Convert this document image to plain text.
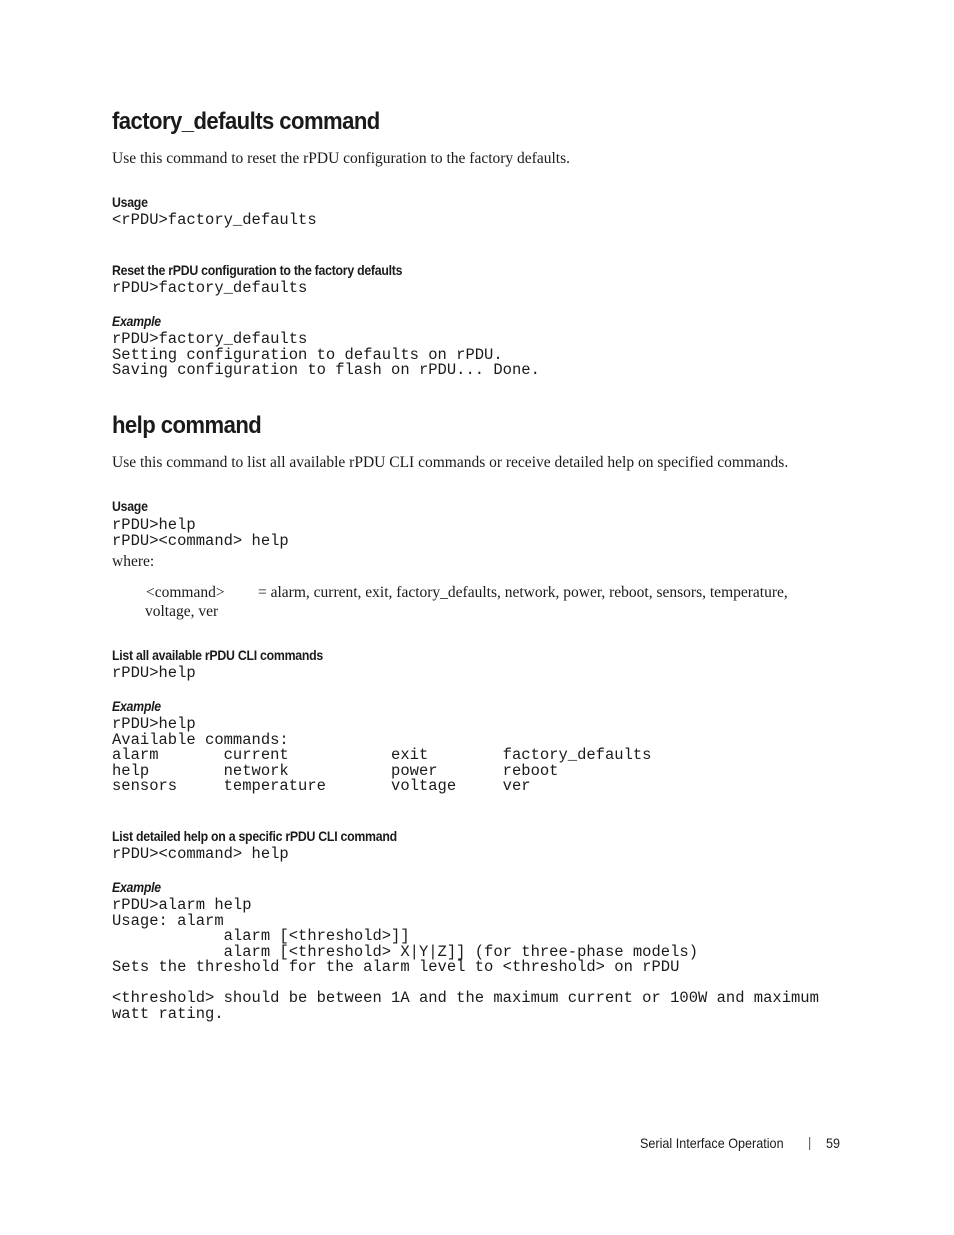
factory_defaults command
Use this command to reset the rPDU configuration to the factory defaults.
Usage
<rPDU>factory_defaults
Reset the rPDU configuration to the factory defaults
rPDU>factory_defaults
Example
rPDU>factory_defaults
Setting configuration to defaults on rPDU.
Saving configuration to flash on rPDU... Done.
help command
Use this command to list all available rPDU CLI commands or receive detailed help on specified commands.
Usage
rPDU>help
rPDU><command> help
where:
<command> = alarm, current, exit, factory_defaults, network, power, reboot, sensors, temperature,
voltage, ver
List all available rPDU CLI commands
rPDU>help
Example
rPDU>help
Available commands:
alarm       current           exit        factory_defaults
help        network           power       reboot
sensors     temperature       voltage     ver
List detailed help on a specific rPDU CLI command
rPDU><command> help
Example
rPDU>alarm help
Usage: alarm
alarm [<threshold>]]
alarm [<threshold> X|Y|Z]] (for three-phase models)
Sets the threshold for the alarm level to <threshold> on rPDU

<threshold> should be between 1A and the maximum current or 100W and maximum
watt rating.
Serial Interface Operation | 59
